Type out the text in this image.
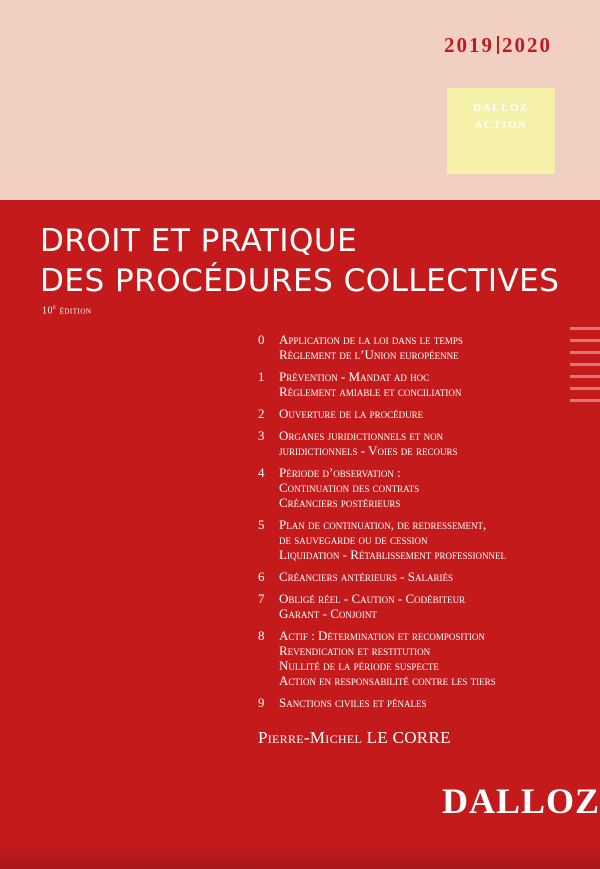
2019 2020
DALLOZ
ACTION
DROIT ET PRATIQUE
DES PROCÉDURES COLLECTIVES
10e édition
0	Application de la loi dans le temps
Règlement de l’Union européenne
1	Prévention - Mandat ad hoc
Règlement amiable et conciliation
2	Ouverture de la procédure
3	Organes juridictionnels et non
juridictionnels - Voies de recours
4	Période d’observation :
Continuation des contrats
Créanciers postérieurs
5	Plan de continuation, de redressement,
de sauvegarde ou de cession
Liquidation - Rétablissement professionnel
6	Créanciers antérieurs - Salariés
7	Obligé réel - Caution - Codébiteur
Garant - Conjoint
8	Actif : Détermination et recomposition
Revendication et restitution
Nullité de la période suspecte
Action en responsabilité contre les tiers
9	Sanctions civiles et pénales
Pierre-Michel LE CORRE
DALLOZ
